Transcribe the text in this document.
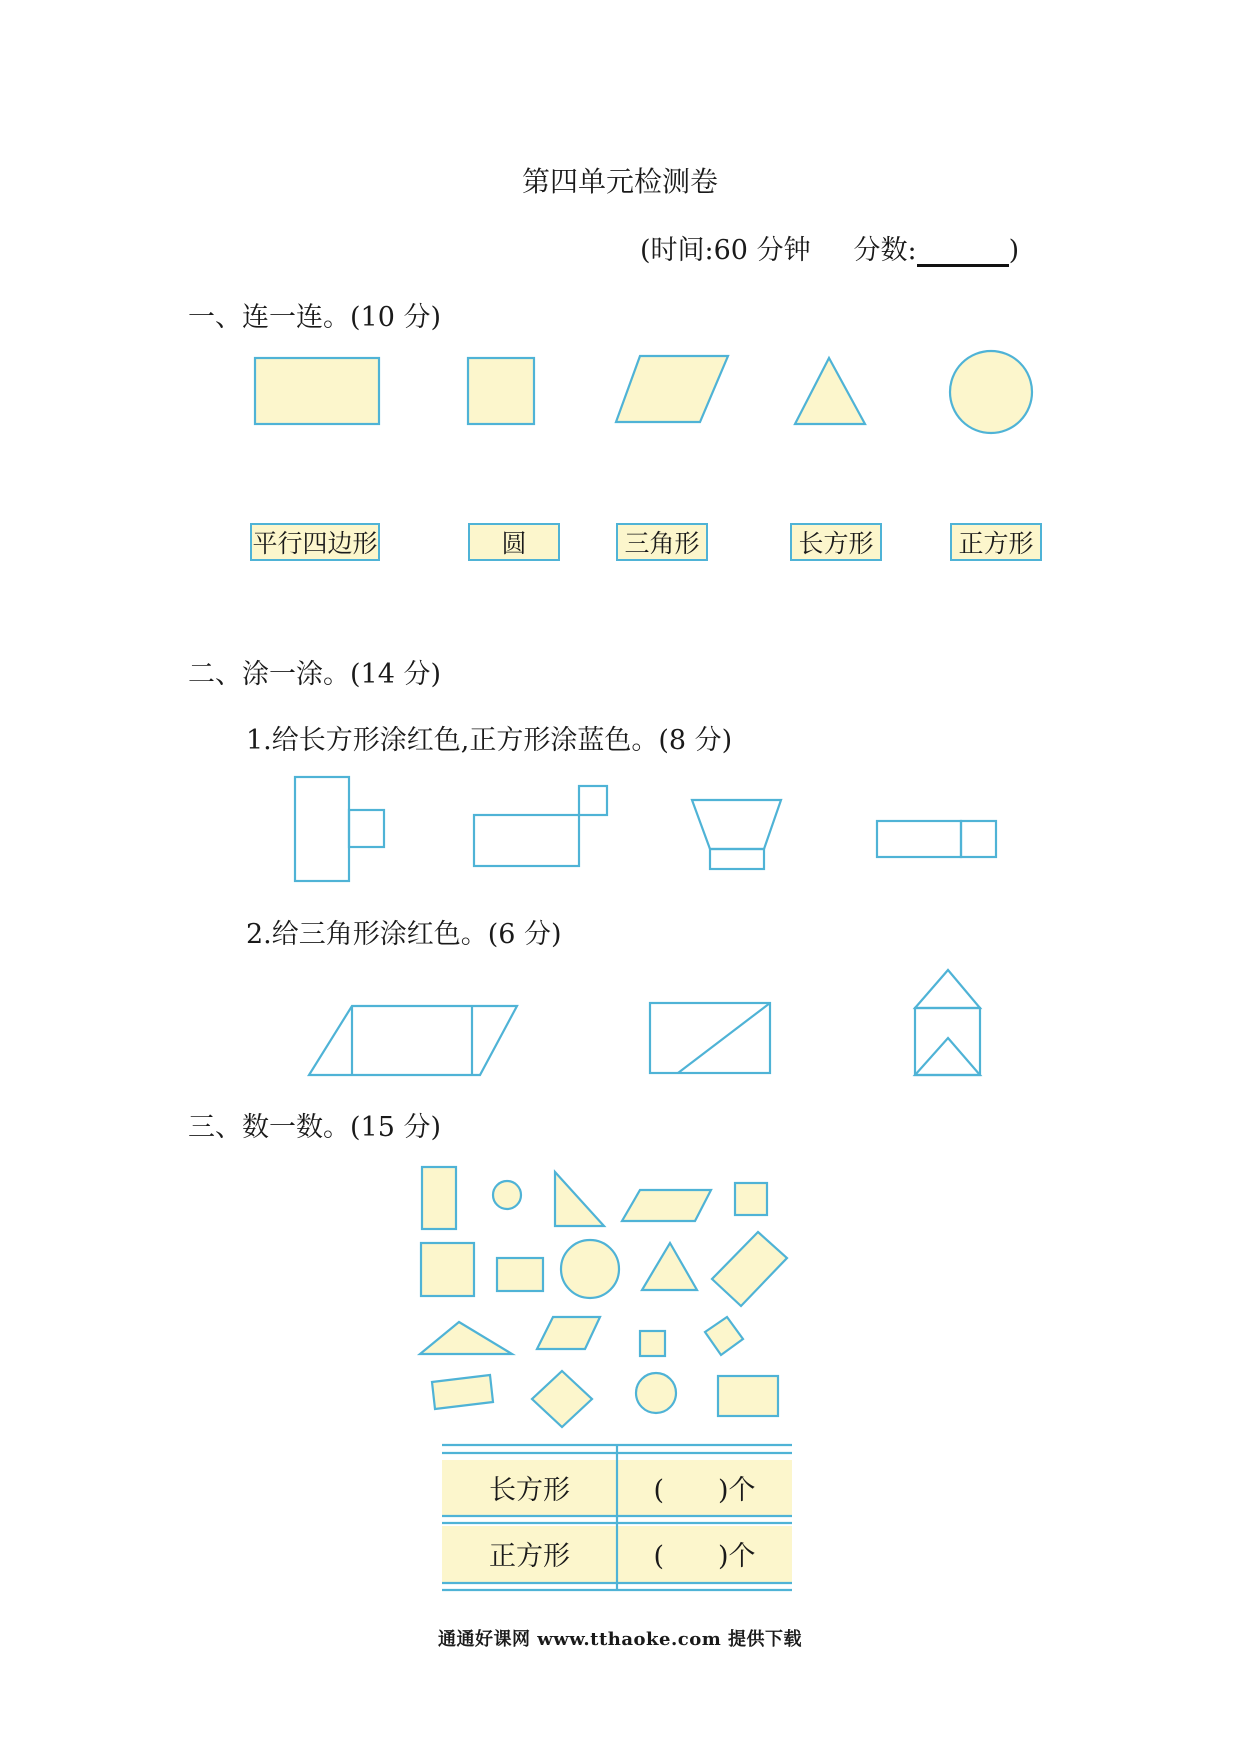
第四单元检测卷
(时间:60 分钟 分数:	)
一、连一连。(10 分)
平行四边形	圆	三角形	长方形	正方形
二、涂一涂。(14 分)
1.给长方形涂红色,正方形涂蓝色。(8 分)
2.给三角形涂红色。(6 分)
三、数一数。(15 分)
长方形	(　　)个
正方形	(　　)个
通通好课网 www.tthaoke.com 提供下载
